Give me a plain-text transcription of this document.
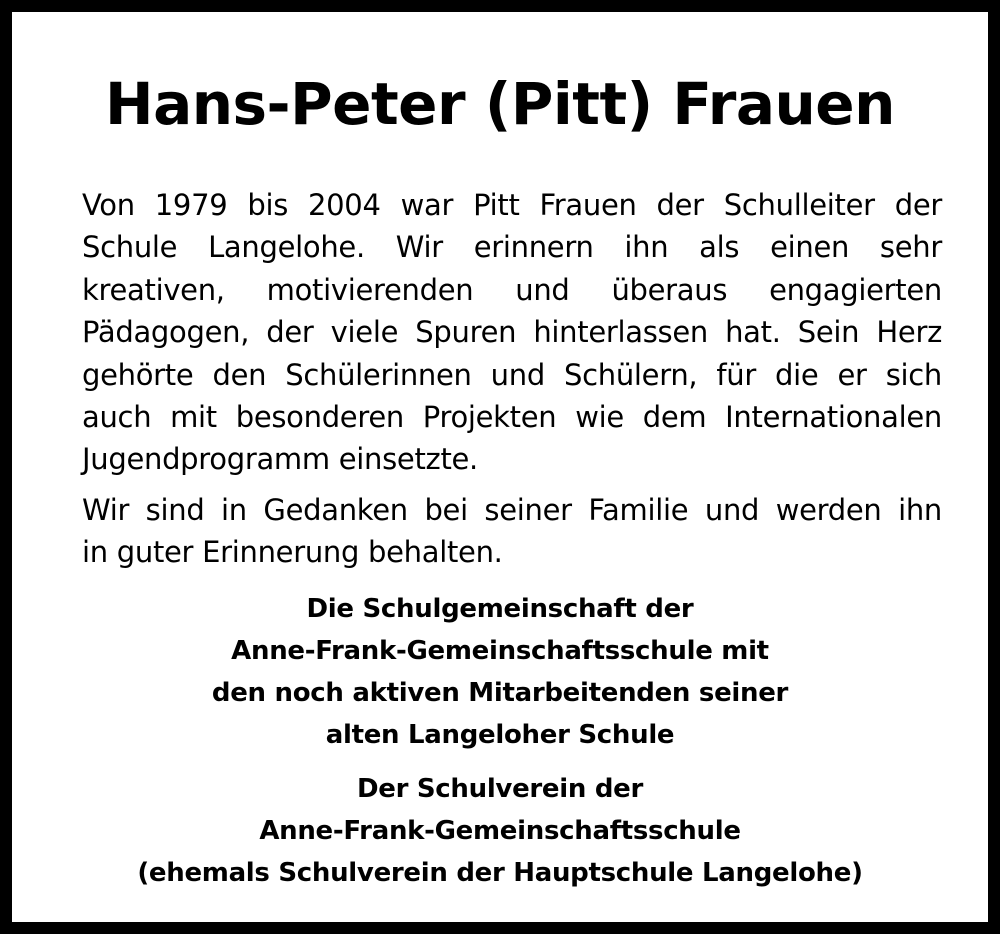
Hans-Peter (Pitt) Frauen
Von 1979 bis 2004 war Pitt Frauen der Schulleiter der
Schule Langelohe. Wir erinnern ihn als einen sehr
kreativen, motivierenden und überaus engagierten
Pädagogen, der viele Spuren hinterlassen hat. Sein Herz
gehörte den Schülerinnen und Schülern, für die er sich
auch mit besonderen Projekten wie dem Internationalen
Jugendprogramm einsetzte.
Wir sind in Gedanken bei seiner Familie und werden ihn
in guter Erinnerung behalten.
Die Schulgemeinschaft der
Anne-Frank-Gemeinschaftsschule mit
den noch aktiven Mitarbeitenden seiner
alten Langeloher Schule
Der Schulverein der
Anne-Frank-Gemeinschaftsschule
(ehemals Schulverein der Hauptschule Langelohe)
